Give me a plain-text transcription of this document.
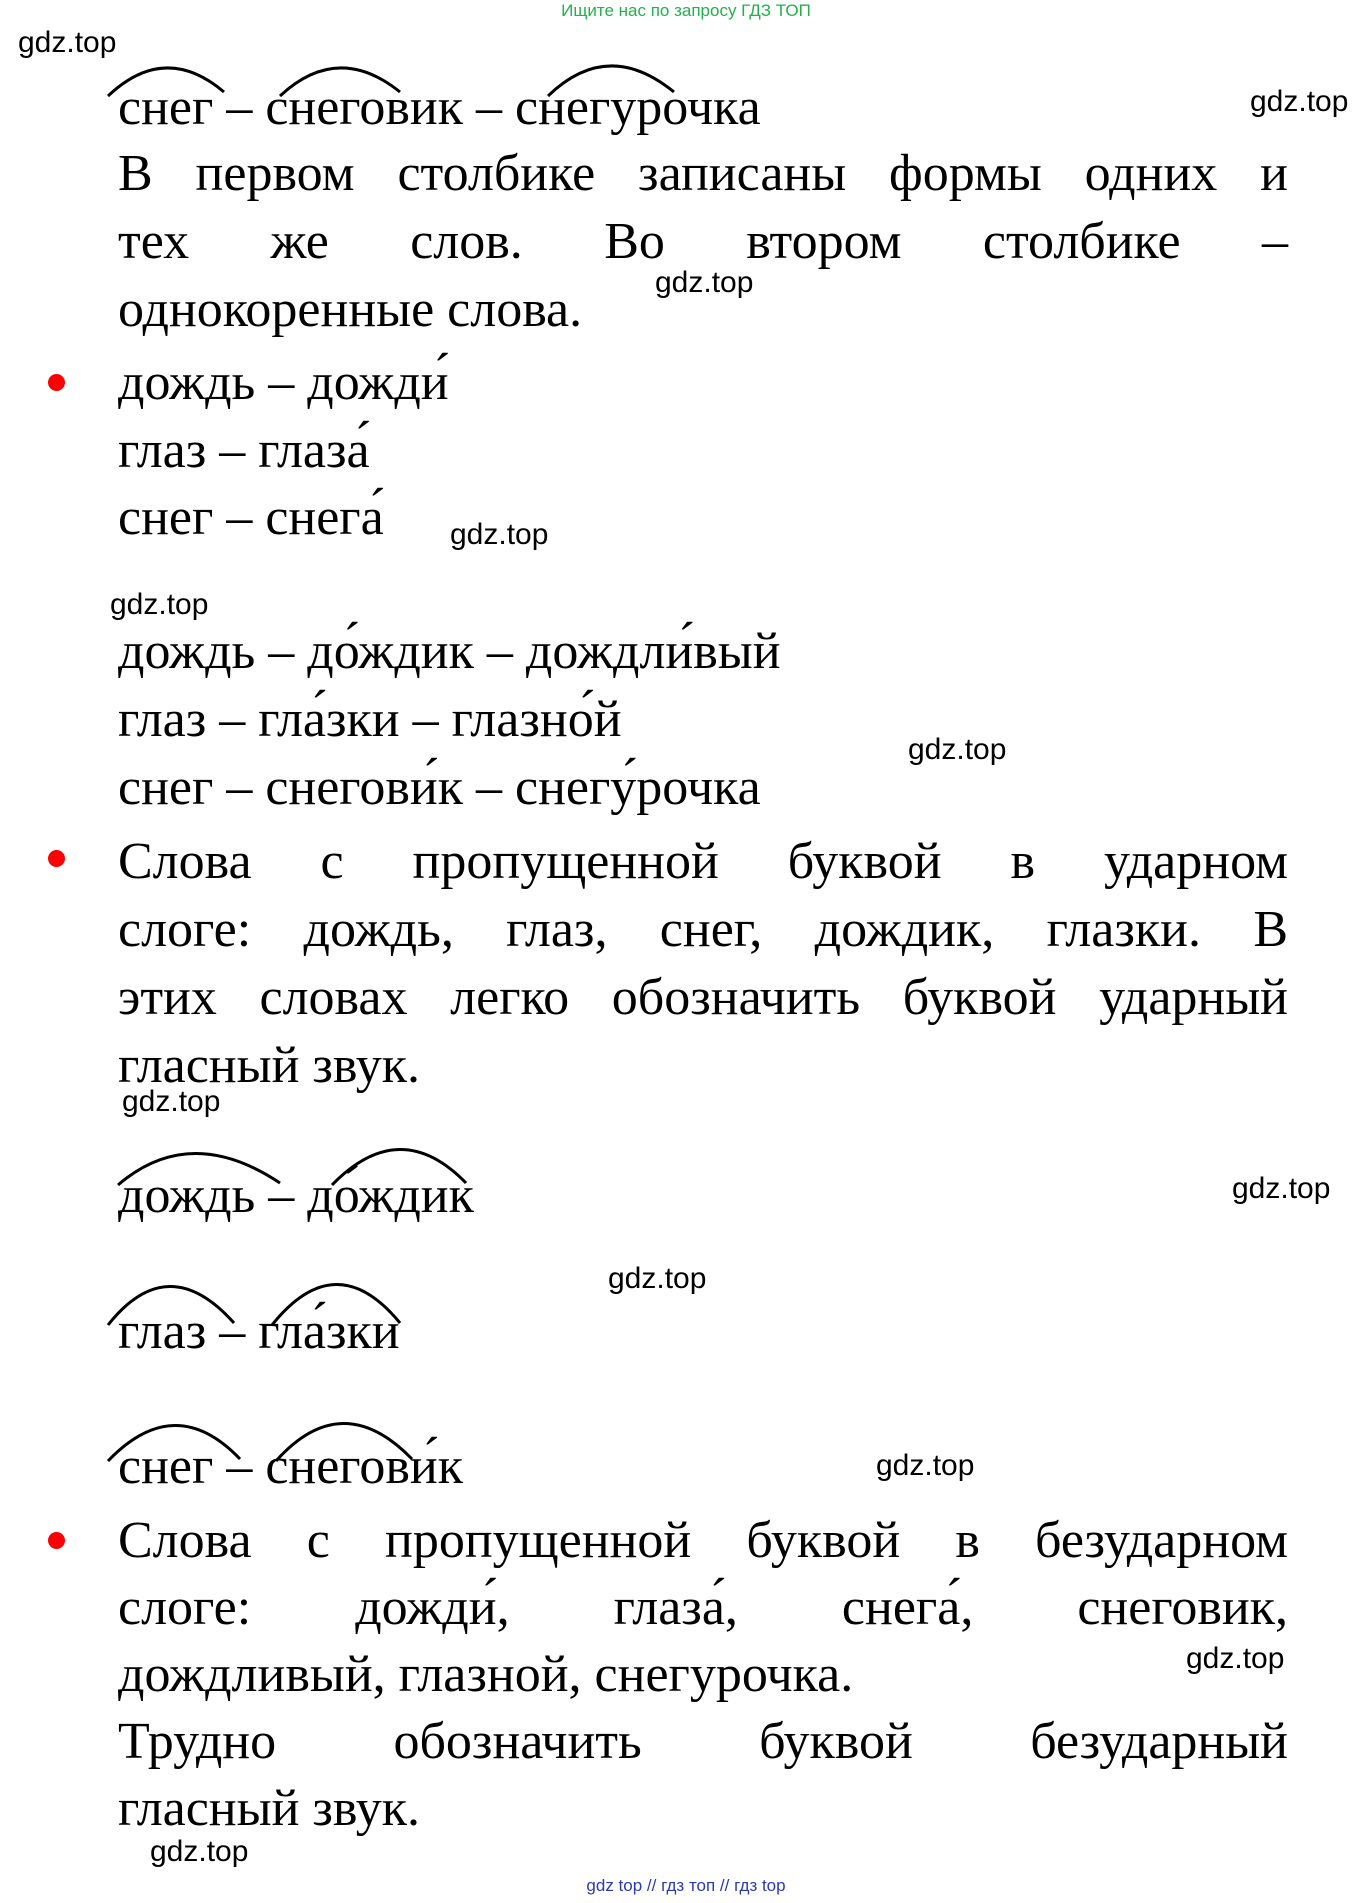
Ищите нас по запросу ГДЗ ТОП
gdz.top
gdz.top
gdz.top
gdz.top
gdz.top
gdz.top
gdz.top
gdz.top
gdz.top
gdz.top
gdz.top
gdz.top
снег – снеговик – снегурочка
В первом столбике записаны формы одних и
тех же слов. Во втором столбике –
однокоренные слова.
дождь – дожди́
глаз – глаза́
снег – снега́
дождь – до́ждик – дождли́вый
глаз – гла́зки – глазно́й
снег – снегови́к – снегу́рочка
Слова с пропущенной буквой в ударном
слоге: дождь, глаз, снег, дождик, глазки. В
этих словах легко обозначить буквой ударный
гласный звук.
дождь – до́ждик
глаз – гла́зки
снег – снегови́к
Слова с пропущенной буквой в безударном
слоге: дожди́, глаза́, снега́, снеговик,
дождливый, глазной, снегурочка.
Трудно обозначить буквой безударный
гласный звук.
gdz top // гдз топ // гдз top
